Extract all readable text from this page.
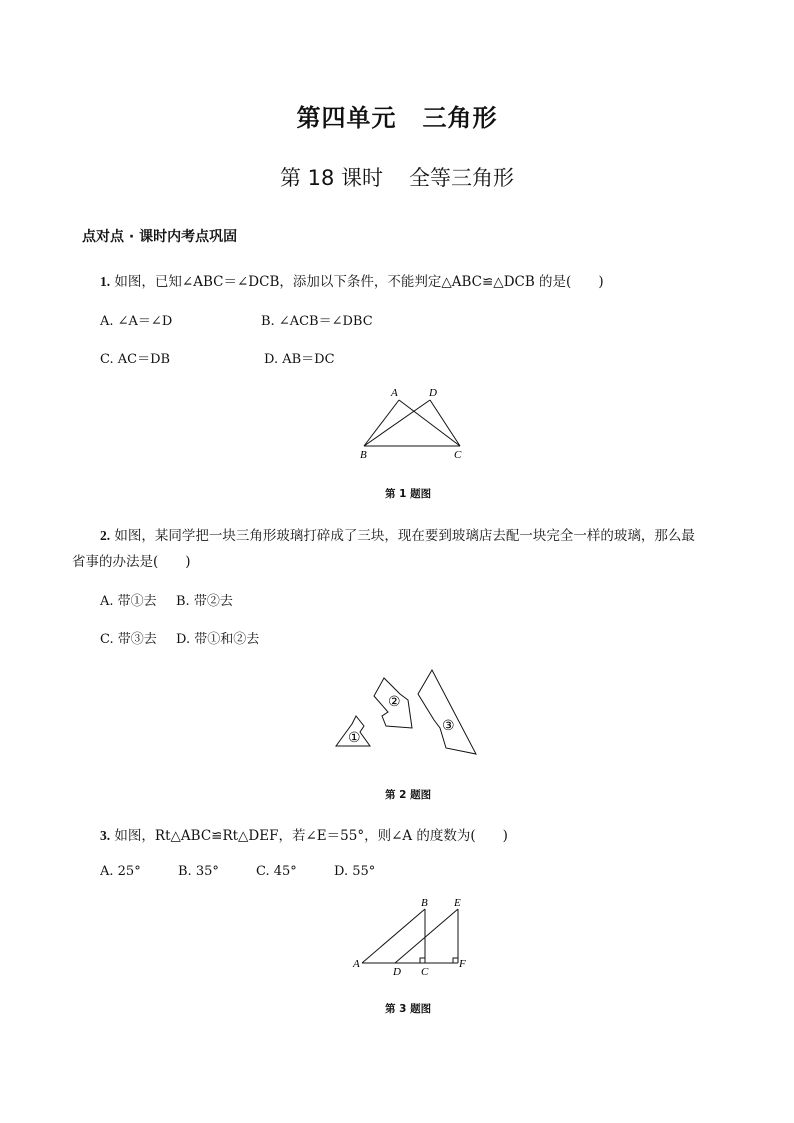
第四单元 三角形
第 18 课时 全等三角形
点对点 · 课时内考点巩固
1. 如图，已知∠ABC＝∠DCB，添加以下条件，不能判定△ABC≌△DCB 的是(　　)
A. ∠A＝∠D	B. ∠ACB＝∠DBC
C. AC＝DB	D. AB＝DC
A	D
B	C
第 1 题图
2. 如图，某同学把一块三角形玻璃打碎成了三块，现在要到玻璃店去配一块完全一样的玻璃，那么最
省事的办法是(　　)
A. 带①去 B. 带②去
C. 带③去 D. 带①和②去
①
②
③
第 2 题图
3. 如图，Rt△ABC≌Rt△DEF，若∠E＝55°，则∠A 的度数为(　　)
A. 25°	B. 35°	C. 45°	D. 55°
B E
A
D C
F
第 3 题图
